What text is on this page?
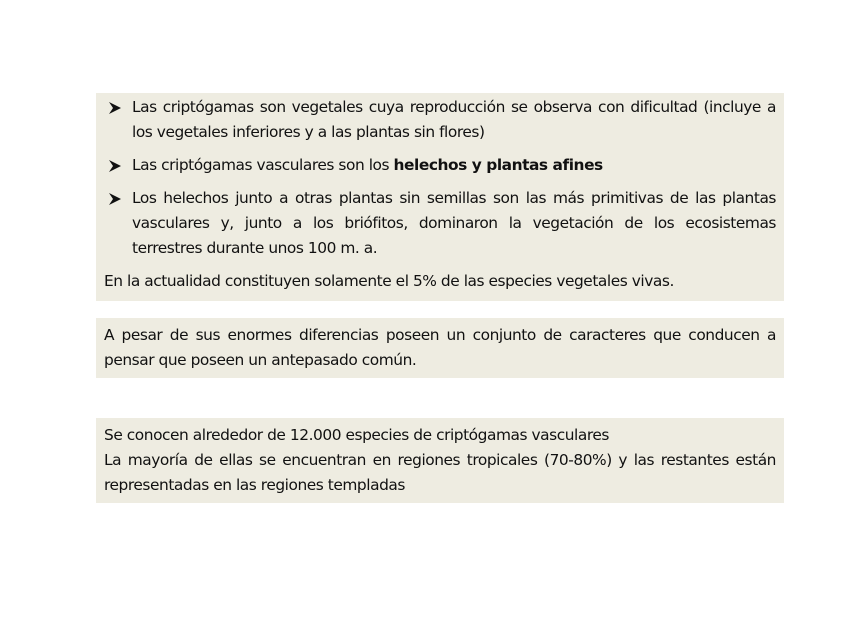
Las criptógamas son vegetales cuya reproducción se observa con dificultad (incluye a los vegetales inferiores y a las plantas sin flores)
Las criptógamas vasculares son los helechos y plantas afines
Los helechos junto a otras plantas sin semillas son las más primitivas de las plantas vasculares y, junto a los briófitos, dominaron la vegetación de los ecosistemas terrestres durante unos 100 m. a.

En la actualidad constituyen solamente el 5% de las especies vegetales vivas.

A pesar de sus enormes diferencias poseen un conjunto de caracteres que conducen a pensar que poseen un antepasado común.

Se conocen alrededor de 12.000 especies de criptógamas vasculares

La mayoría de ellas se encuentran en regiones tropicales (70-80%) y las restantes están representadas en las regiones templadas
